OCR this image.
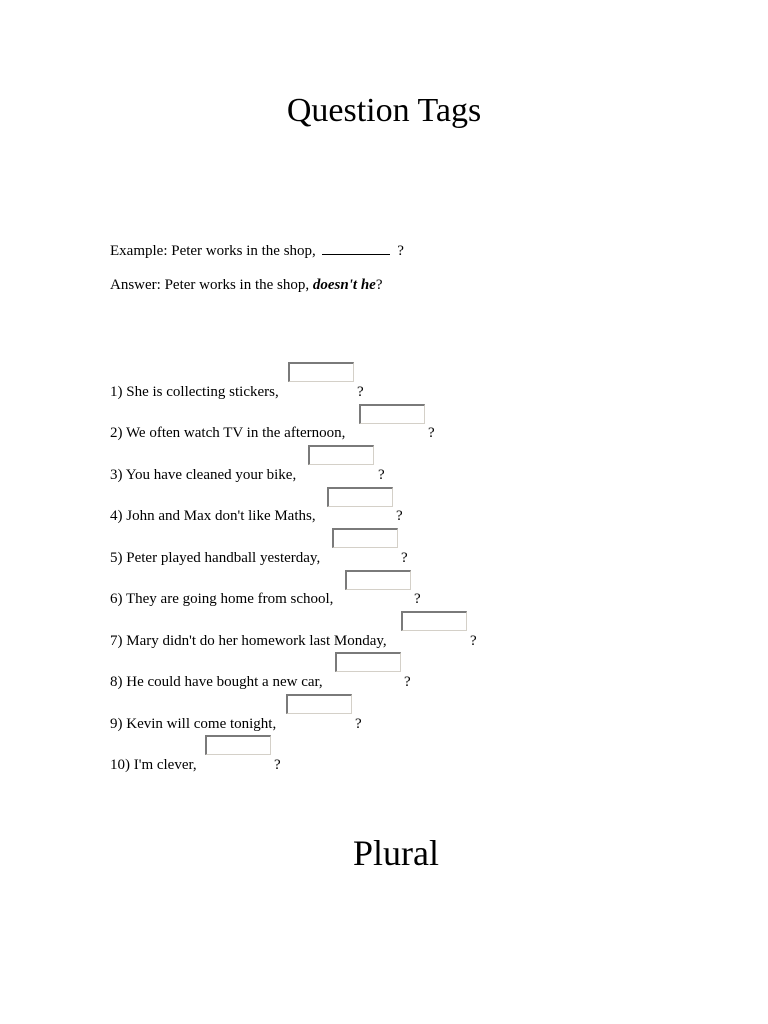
Question Tags
Example: Peter works in the shop,	?
Answer: Peter works in the shop, doesn't he?
1) She is collecting stickers,	?
2) We often watch TV in the afternoon,	?
3) You have cleaned your bike,	?
4) John and Max don't like Maths,	?
5) Peter played handball yesterday,	?
6) They are going home from school,	?
7) Mary didn't do her homework last Monday,	?
8) He could have bought a new car,	?
9) Kevin will come tonight,	?
10) I'm clever,	?
Plural
